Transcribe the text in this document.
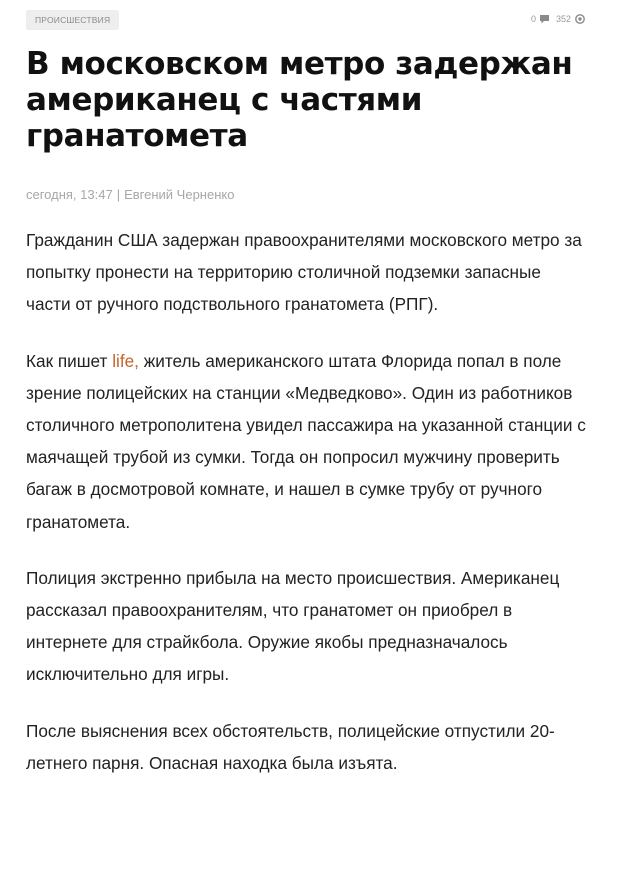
ПРОИСШЕСТВИЯ	0 352
В московском метро задержан американец с частями гранатомета
сегодня, 13:47 | Евгений Черненко

Гражданин США задержан правоохранителями московского метро за попытку пронести на территорию столичной подземки запасные части от ручного подствольного гранатомета (РПГ).

Как пишет life, житель американского штата Флорида попал в поле зрение полицейских на станции «Медведково». Один из работников столичного метрополитена увидел пассажира на указанной станции с маячащей трубой из сумки. Тогда он попросил мужчину проверить багаж в досмотровой комнате, и нашел в сумке трубу от ручного гранатомета.

Полиция экстренно прибыла на место происшествия. Американец рассказал правоохранителям, что гранатомет он приобрел в интернете для страйкбола. Оружие якобы предназначалось исключительно для игры.

После выяснения всех обстоятельств, полицейские отпустили 20-летнего парня. Опасная находка была изъята.
